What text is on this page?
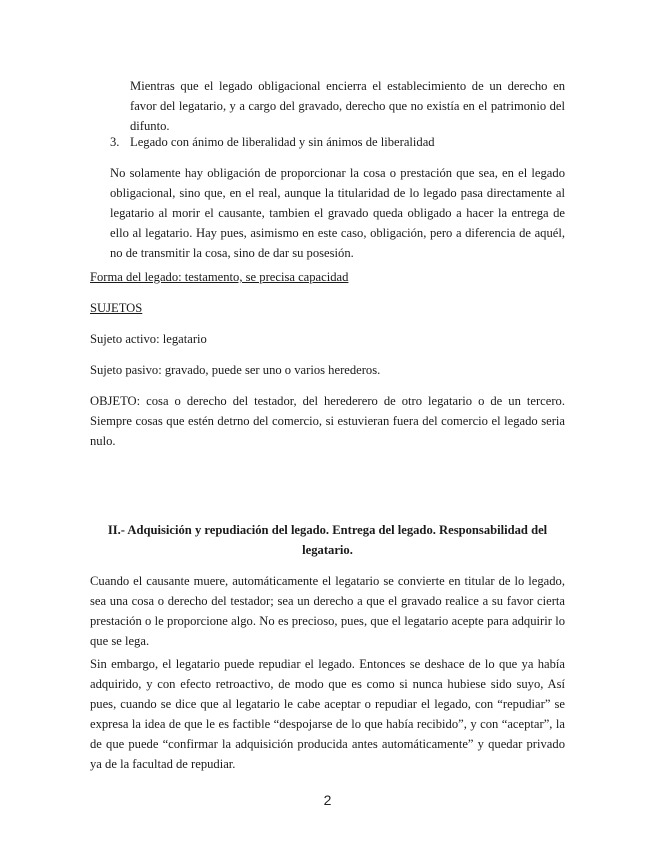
Mientras que el legado obligacional encierra el establecimiento de un derecho en favor del legatario, y a cargo del gravado, derecho que no existía en el patrimonio del difunto.

3. Legado con ánimo de liberalidad y sin ánimos de liberalidad

No solamente hay obligación de proporcionar la cosa o prestación que sea, en el legado obligacional, sino que, en el real, aunque la titularidad de lo legado pasa directamente al legatario al morir el causante, tambien el gravado queda obligado a hacer la entrega de ello al legatario. Hay pues, asimismo en este caso, obligación, pero a diferencia de aquél, no de transmitir la cosa, sino de dar su posesión.

Forma del legado: testamento, se precisa capacidad

SUJETOS

Sujeto activo: legatario

Sujeto pasivo: gravado, puede ser uno o varios herederos.

OBJETO: cosa o derecho del testador, del herederero de otro legatario o de un tercero. Siempre cosas que estén detrno del comercio, si estuvieran fuera del comercio el legado seria nulo.

II.- Adquisición y repudiación del legado. Entrega del legado. Responsabilidad del legatario.

Cuando el causante muere, automáticamente el legatario se convierte en titular de lo legado, sea una cosa o derecho del testador; sea un derecho a que el gravado realice a su favor cierta prestación o le proporcione algo. No es precioso, pues, que el legatario acepte para adquirir lo que se lega.

Sin embargo, el legatario puede repudiar el legado. Entonces se deshace de lo que ya había adquirido, y con efecto retroactivo, de modo que es como si nunca hubiese sido suyo, Así pues, cuando se dice que al legatario le cabe aceptar o repudiar el legado, con “repudiar” se expresa la idea de que le es factible “despojarse de lo que había recibido”, y con “aceptar”, la de que puede “confirmar la adquisición producida antes automáticamente” y quedar privado ya de la facultad de repudiar.

2
